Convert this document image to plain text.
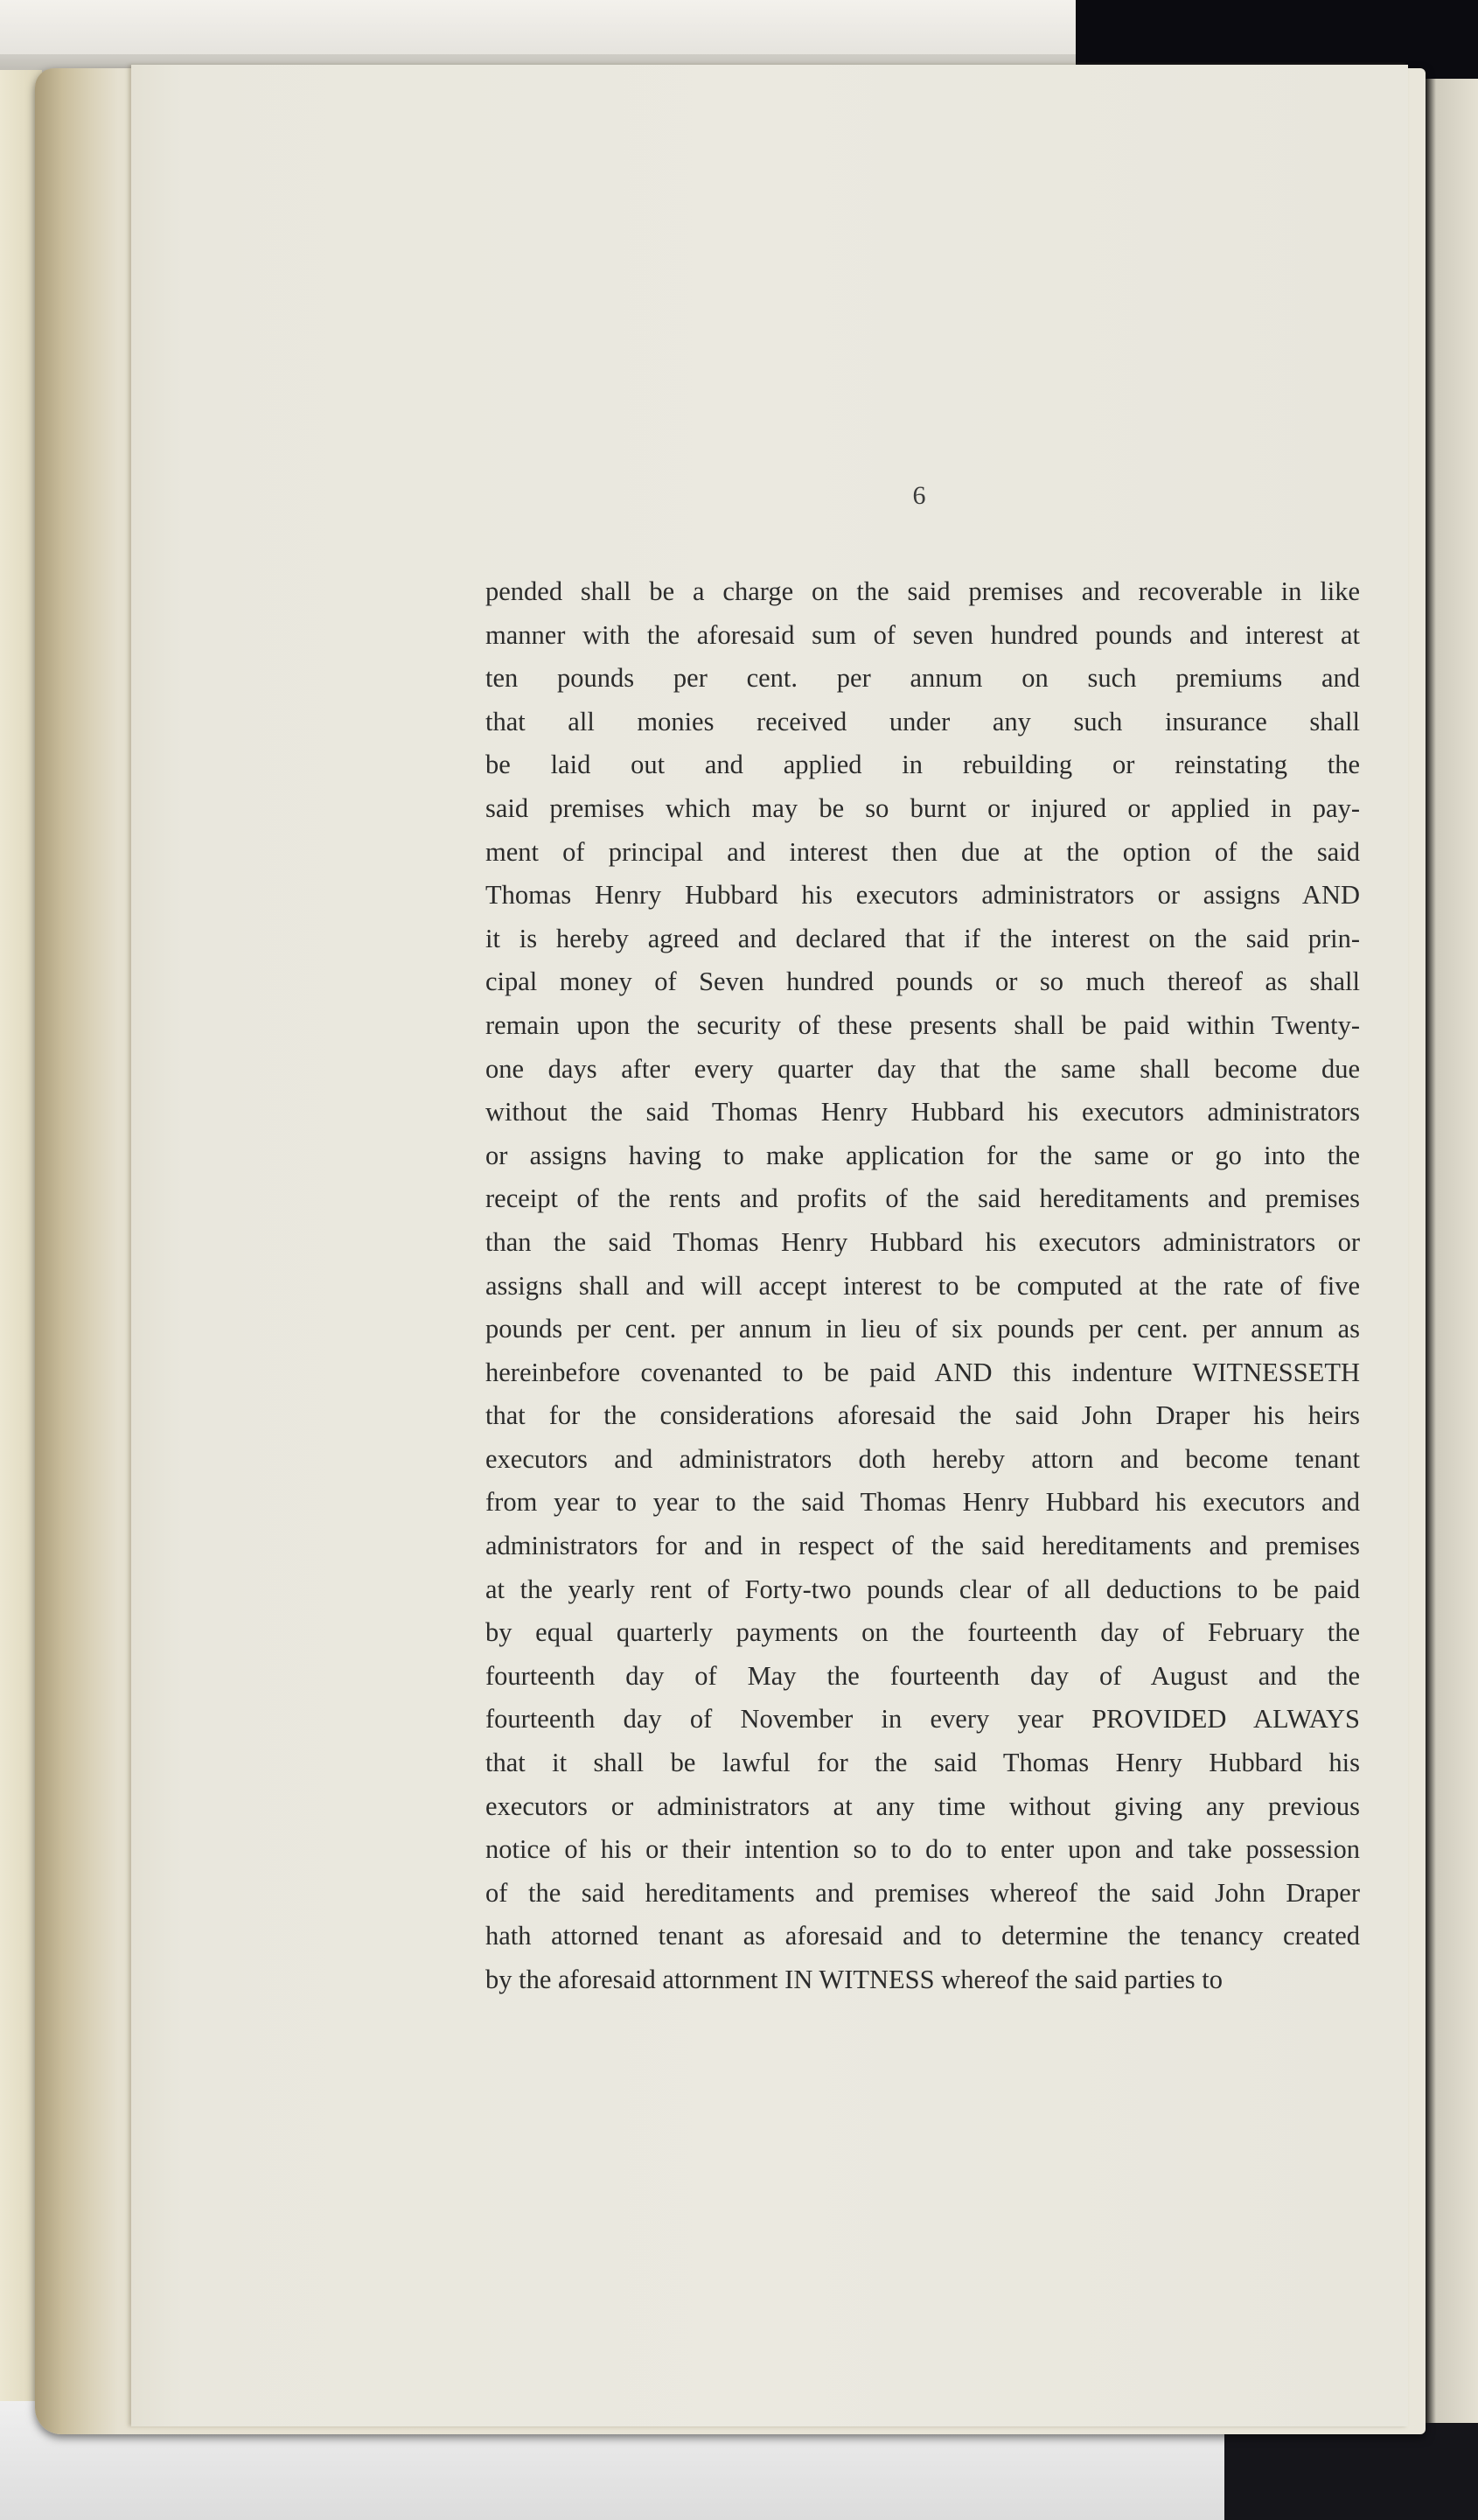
6
pended shall be a charge on the said premises and recoverable in like
manner with the aforesaid sum of seven hundred pounds and interest at
ten pounds per cent. per annum on such premiums and
that all monies received under any such insurance shall
be laid out and applied in rebuilding or reinstating the
said premises which may be so burnt or injured or applied in pay-
ment of principal and interest then due at the option of the said
Thomas Henry Hubbard his executors administrators or assigns AND
it is hereby agreed and declared that if the interest on the said prin-
cipal money of Seven hundred pounds or so much thereof as shall
remain upon the security of these presents shall be paid within Twenty-
one days after every quarter day that the same shall become due
without the said Thomas Henry Hubbard his executors administrators
or assigns having to make application for the same or go into the
receipt of the rents and profits of the said hereditaments and premises
than the said Thomas Henry Hubbard his executors administrators or
assigns shall and will accept interest to be computed at the rate of five
pounds per cent. per annum in lieu of six pounds per cent. per annum as
hereinbefore covenanted to be paid AND this indenture WITNESSETH
that for the considerations aforesaid the said John Draper his heirs
executors and administrators doth hereby attorn and become tenant
from year to year to the said Thomas Henry Hubbard his executors and
administrators for and in respect of the said hereditaments and premises
at the yearly rent of Forty-two pounds clear of all deductions to be paid
by equal quarterly payments on the fourteenth day of February the
fourteenth day of May the fourteenth day of August and the
fourteenth day of November in every year PROVIDED ALWAYS
that it shall be lawful for the said Thomas Henry Hubbard his
executors or administrators at any time without giving any previous
notice of his or their intention so to do to enter upon and take possession
of the said hereditaments and premises whereof the said John Draper
hath attorned tenant as aforesaid and to determine the tenancy created
by the aforesaid attornment IN WITNESS whereof the said parties to
